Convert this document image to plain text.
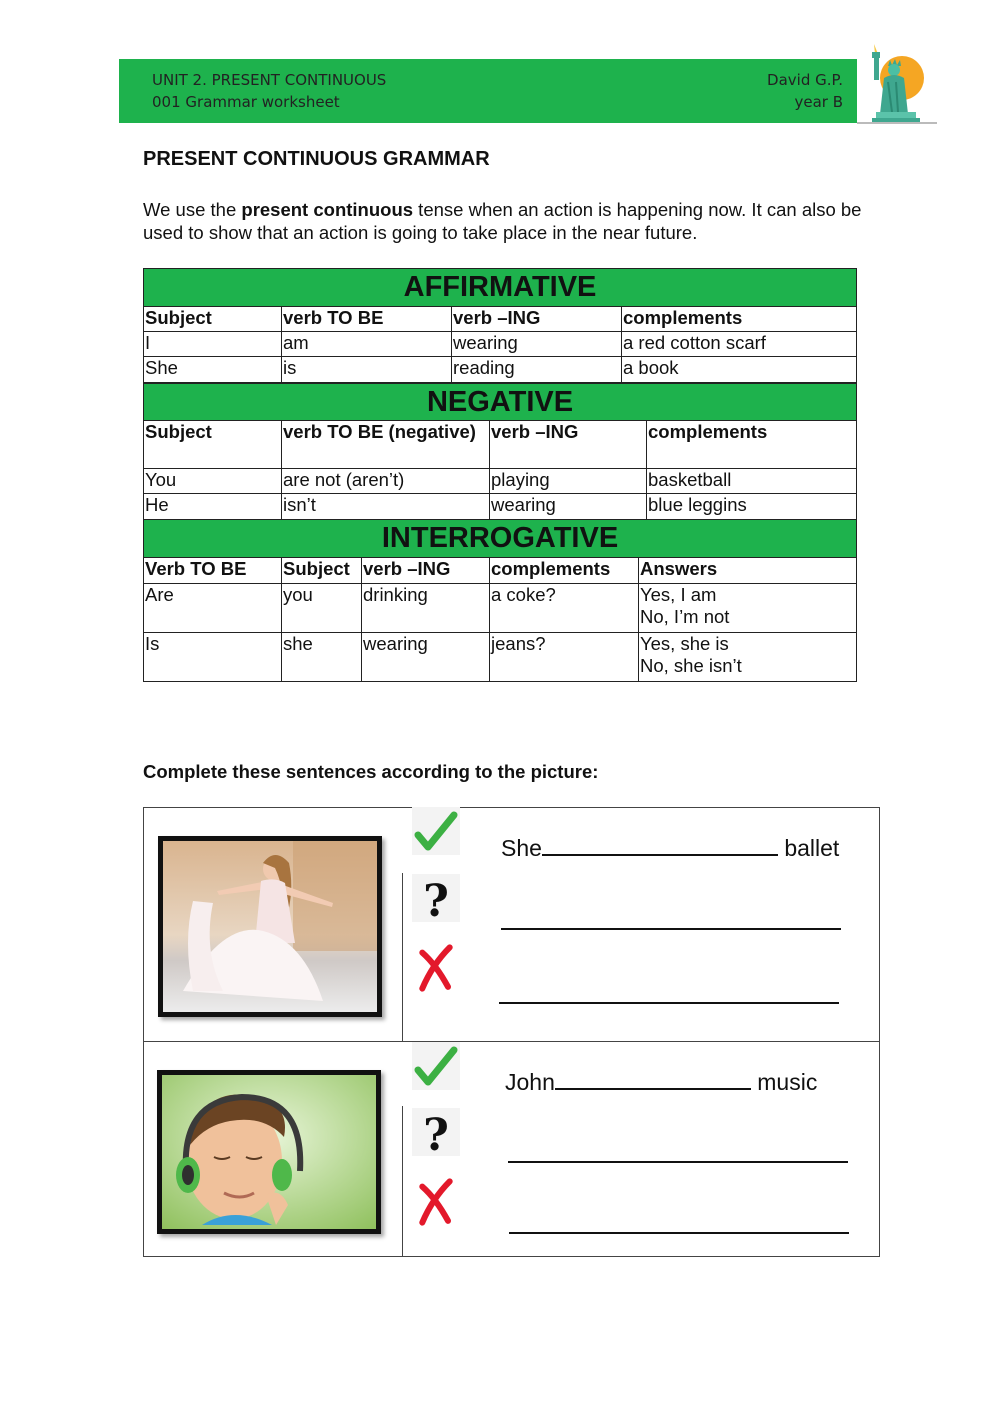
UNIT 2. PRESENT CONTINUOUS
001 Grammar worksheet
David G.P.
year B
PRESENT CONTINUOUS GRAMMAR
We use the present continuous tense when an action is happening now. It can also be used to show that an action is going to take place in the near future.
AFFIRMATIVE			
Subject	verb TO BE	verb –ING	complements
I	am	wearing	a red cotton scarf
She	is	reading	a book
NEGATIVE			
Subject	verb TO BE (negative)	verb –ING	complements
You	are not (aren’t)	playing	basketball
He	isn’t	wearing	blue leggins
INTERROGATIVE				
Verb TO BE	Subject	verb –ING	complements	Answers
Are	you	drinking	a coke?	Yes, I am
No, I’m not

Is	she	wearing	jeans?	Yes, she is
No, she isn’t
Complete these sentences according to the picture:
?
?
She	ballet
John	music
